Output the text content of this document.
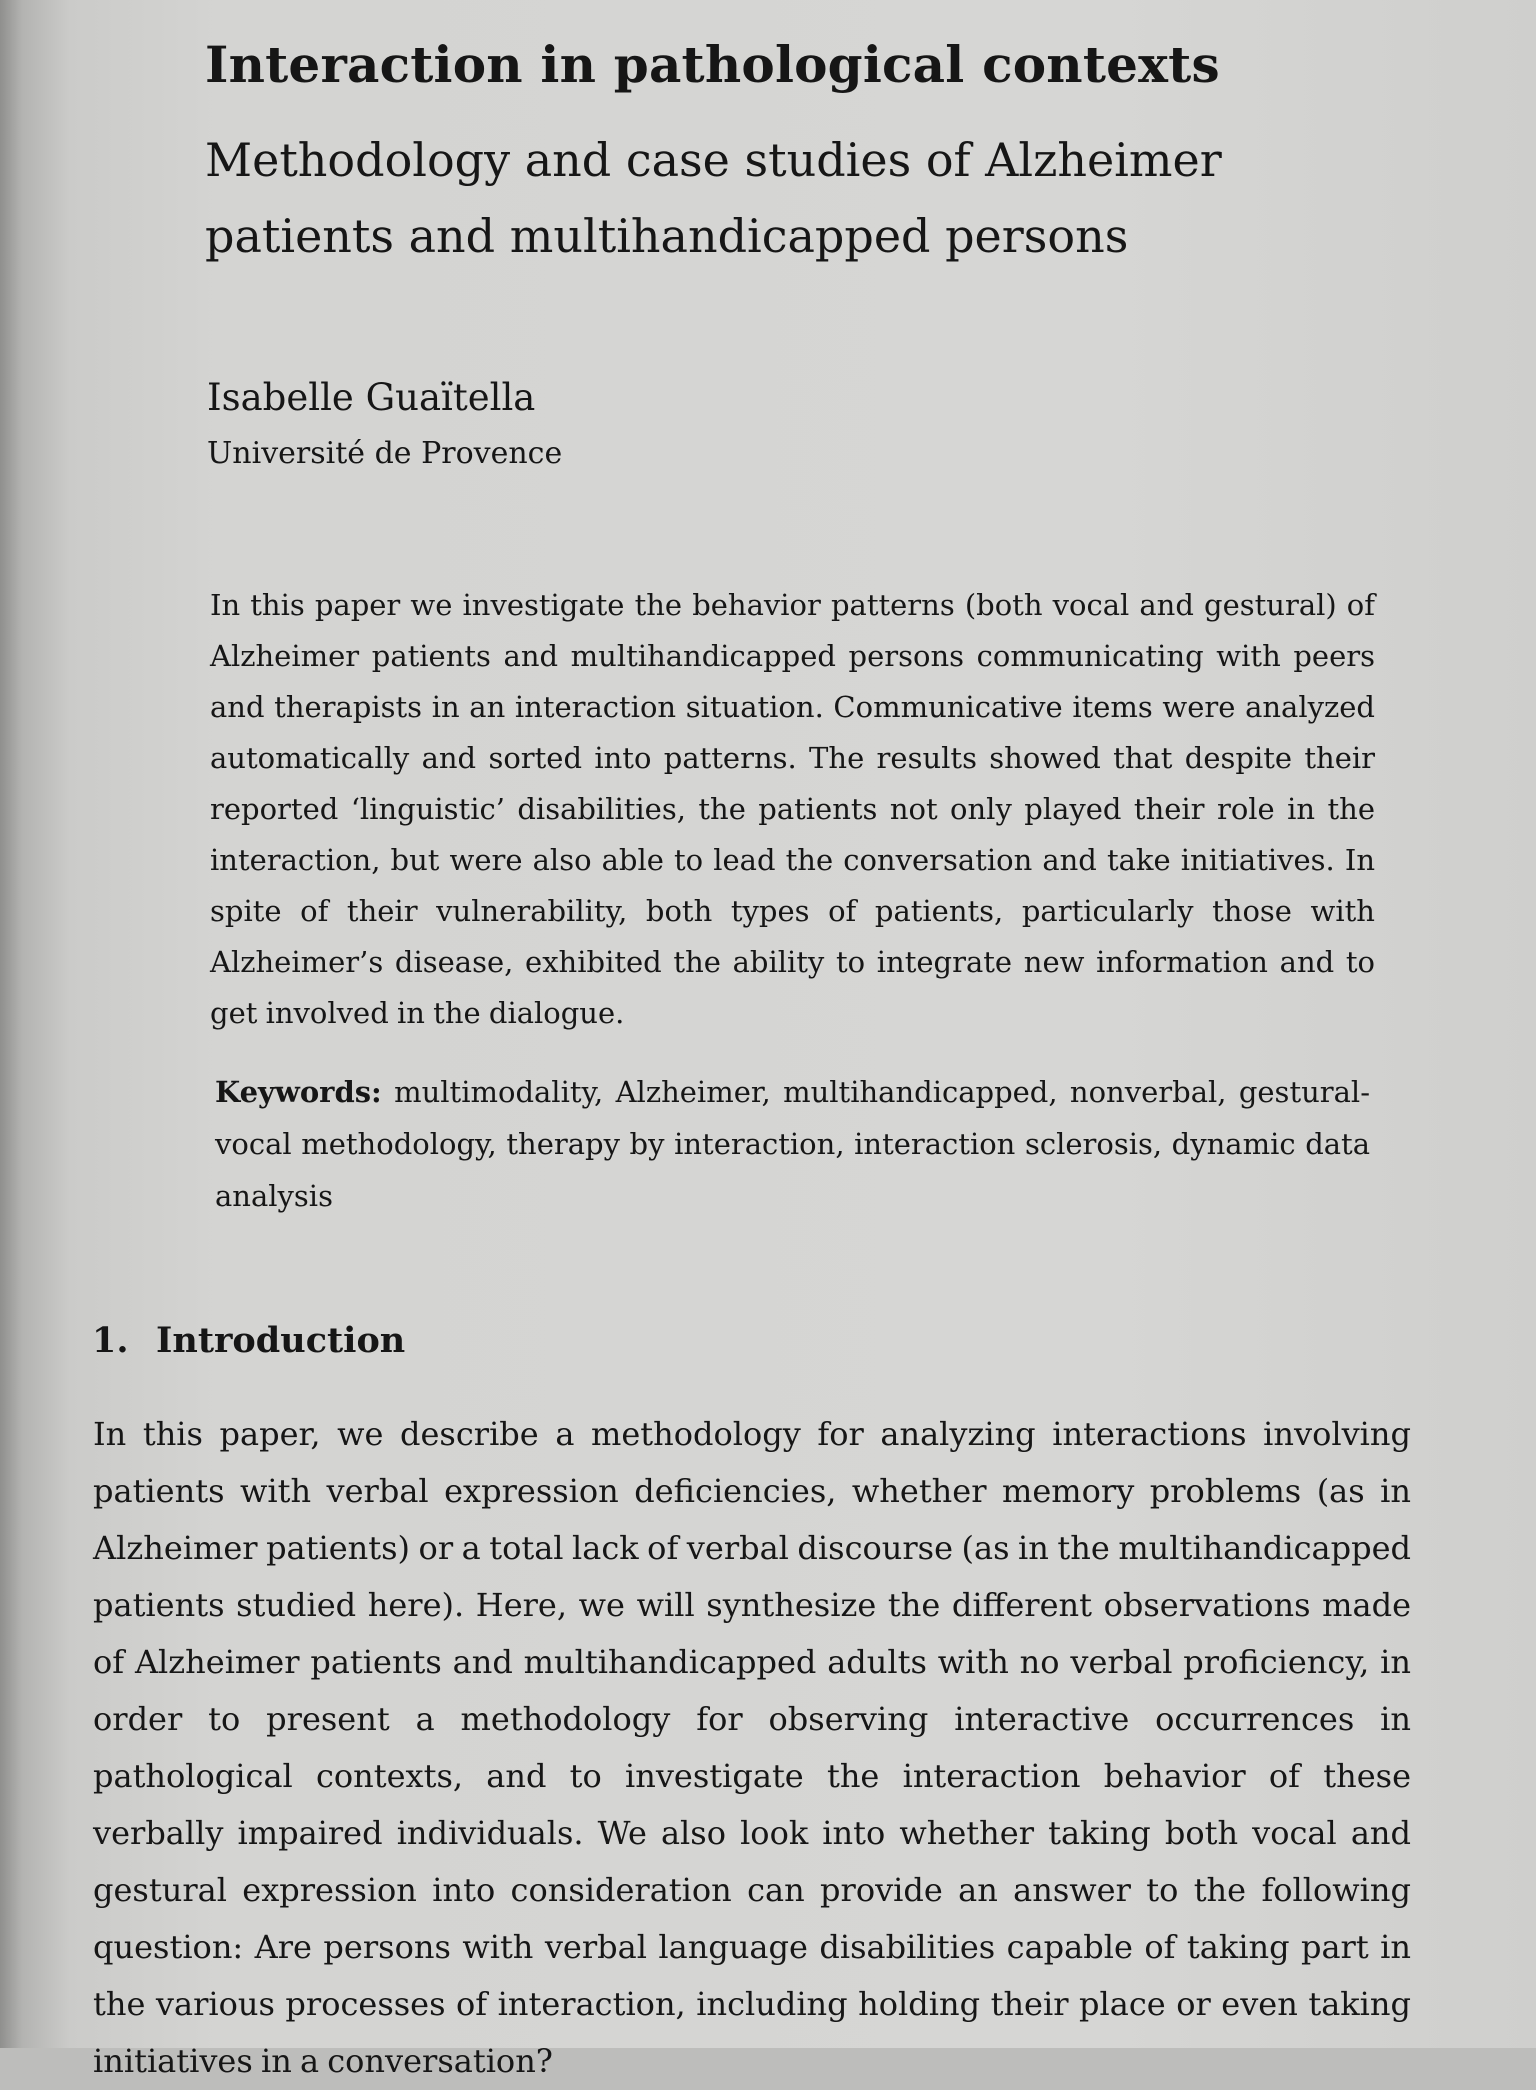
Interaction in pathological contexts
Methodology and case studies of Alzheimer patients and multihandicapped persons

Isabelle Guaïtella

Université de Provence

In this paper we investigate the behavior patterns (both vocal and gestural) of Alzheimer patients and multihandicapped persons communicating with peers and therapists in an interaction situation. Communicative items were analyzed automatically and sorted into patterns. The results showed that despite their reported ‘linguistic’ disabilities, the patients not only played their role in the interaction, but were also able to lead the conversation and take initiatives. In spite of their vulnerability, both types of patients, particularly those with Alzheimer’s disease, exhibited the ability to integrate new information and to get involved in the dialogue.

Keywords: multimodality, Alzheimer, multihandicapped, nonverbal, gestural-vocal methodology, therapy by interaction, interaction sclerosis, dynamic data analysis

1. Introduction

In this paper, we describe a methodology for analyzing interactions involving patients with verbal expression deficiencies, whether memory problems (as in Alzheimer patients) or a total lack of verbal discourse (as in the multihandicapped patients studied here). Here, we will synthesize the different observations made of Alzheimer patients and multihandicapped adults with no verbal proficiency, in order to present a methodology for observing interactive occurrences in pathological contexts, and to investigate the interaction behavior of these verbally impaired individuals. We also look into whether taking both vocal and gestural expression into consideration can provide an answer to the following question: Are persons with verbal language disabilities capable of taking part in the various processes of interaction, including holding their place or even taking initiatives in a conversation?
